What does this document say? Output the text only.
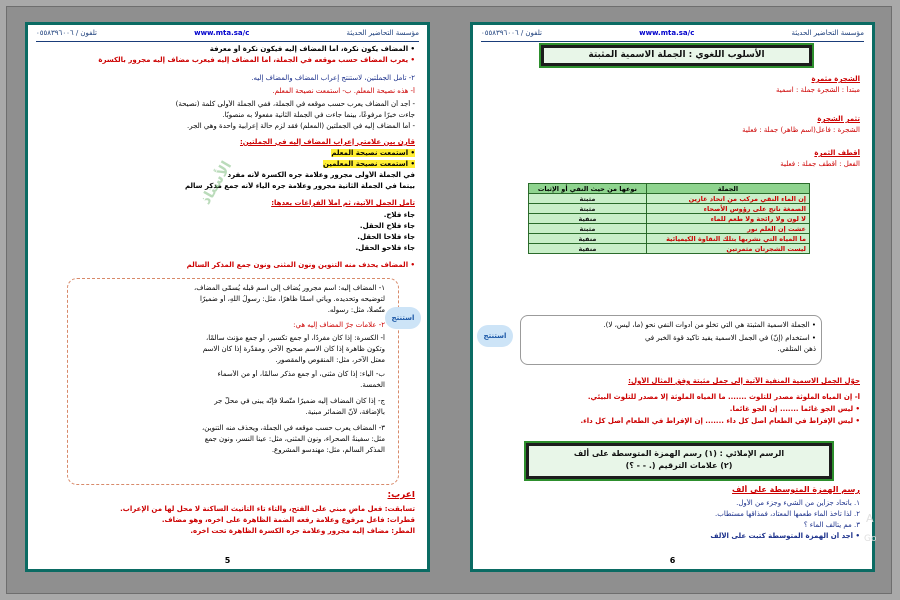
تلفون / ٠٥٥٨٣٩٦٠٠٦	www.mta.sa/c	مؤسسة التحاضير الحديثة
• المضاف يكون نكرة، أما المضاف إليه فيكون نكرة أو معرفة
• يعرب المضاف حسب موقعه في الجملة، أما المضاف إليه فيعرب مضاف إليه مجرور بالكسرة
٢- تأمل الجملتين، لاستنتج إعراب المضاف والمضاف إليه.
أ- هذه نصيحة المعلم. ب- استمعت نصيحة المعلم.
- أجد أن المضاف يعرب حسب موقعه في الجملة، ففي الجملة الأولى كلمة (نصيحة)
جاءت خبرًا مرفوعًا، بينما جاءت في الجملة الثانية مفعولًا به منصوبًا.
- أما المضاف إليه في الجملتين (المعلم) فقد لزم حالة إعرابية واحدة وهي الجر.
قارن بين علامتي إعراب المضاف إليه في الجملتين:
• استمعت نصيحة المعلم
• استمعت نصيحة المعلمين
في الجملة الأولى مجرور وعلامة جره الكسرة لأنه مفرد
بينما في الجملة الثانية مجرور وعلامة جره الياء لأنه جمع مذكر سالم
تأمل الجمل الآتية، ثم أملأ الفراغات بعدها:
جاء فلاح.
جاء فلاح الحقل.
جاء فلاحا الحقل.
جاء فلاحو الحقل.
• المضاف يحذف منه التنوين ونون المثنى ونون جمع المذكر السالم
الأستاذ
استنتج
١- المضاف إليه: اسم مجرور يُضاف إلى اسم قبله يُسمّى المضاف،
لتوضيحه وتحديده. ويأتي اسمًا ظاهرًا، مثل: رسولُ اللهِ، أو ضميرًا
متّصلًا، مثل: رسولُه.
٢- علامات جرّ المضاف إليه هي:
أ- الكسرة: إذا كان مفردًا، أو جمع تكسير، أو جمع مؤنث سالمًا،
وتكون ظاهرة إذا كان الاسم صحيح الآخر، ومقدّرة إذا كان الاسم
معتل الآخر، مثل: المنقوص والمقصور.
ب- الياء: إذا كان مثنى، أو جمع مذكر سالمًا، أو من الأسماء
الخمسة.
ج- إذا كان المضاف إليه ضميرًا متّصلًا فإنّه يبنى في محلّ جر
بالإضافة، لأنّ الضمائر مبنية.
٣- المضاف يعرب حسب موقعه في الجملة، ويحذف منه التنوين،
مثل: سفينةُ الصحراء، ونون المثنى، مثل: عينا النسر، ونون جمع
المذكر السالم، مثل: مهندسو المشروع.
أعرب:
تسابقت: فعل ماضٍ مبني على الفتح، والتاء تاء التأنيث الساكنة لا محل لها من الإعراب.
قطرات: فاعل مرفوع وعلامة رفعه الضمة الظاهرة على آخره، وهو مضاف.
المطر: مضاف إليه مجرور وعلامة جره الكسرة الظاهرة تحت آخره.
5
تلفون / ٠٥٥٨٣٩٦٠٠٦	www.mta.sa/c	مؤسسة التحاضير الحديثة
الأسلوب اللغوي : الجملة الاسمية المثبتة
الشجرة مثمرة
مبتدأ : الشجرة جملة : اسمية
تثمر الشجرة
الشجرة : فاعل(اسم ظاهر) جملة : فعلية
أقطف الثمرة
الفعل : أقطف جملة : فعلية
الجملة	نوعها من حيث النفي أو الإثبات
إن الماء النقي مركب من اتحاد غازين	مثبتة
الصمغة ناتج على رؤوس الأصحاء	مثبتة
لا لون ولا رائحة ولا طعم للماء	منفية
عشت إن العلم نور	مثبتة
ما المياه التي نشربها بتلك النقاوة الكيميائية	منفية
ليست الشجرتان مثمرتين	منفية
استنتج
• الجملة الاسمية المثبتة هي التي تخلو من أدوات النفي نحو (ما، ليس، لا).
• استخدام (إنّ) في الجمل الاسمية يفيد تأكيد قوة الخبر في
ذهن المتلقي.
حوّل الجمل الاسمية المنفية الآتية إلى جمل مثبتة وفق المثال الأول:
أ- إن المياه الملوثة مصدر للتلوث ....... ما المياه الملوثة إلا مصدر للتلوث البيئي.
• ليس الجو غائما ....... إن الجو غائما.
• ليس الإفراط في الطعام أصل كل داء ....... إن الإفراط في الطعام أصل كل داء.
الرسم الإملائي : (١) رسم الهمزة المتوسطة على ألف
(٢) علامات الترقيم (. - - ؟)
رسم الهمزة المتوسطة على ألف
١. باتحاد جزأين من الشيء وجزء من الأول.
٢. لذا تأخذ الماء طعمها المعتاد، فمذاقها مستطاب.
٣. مم يتألف الماء ؟
• أجد أن الهمزة المتوسطة كتبت على الألف
6
A
Go
